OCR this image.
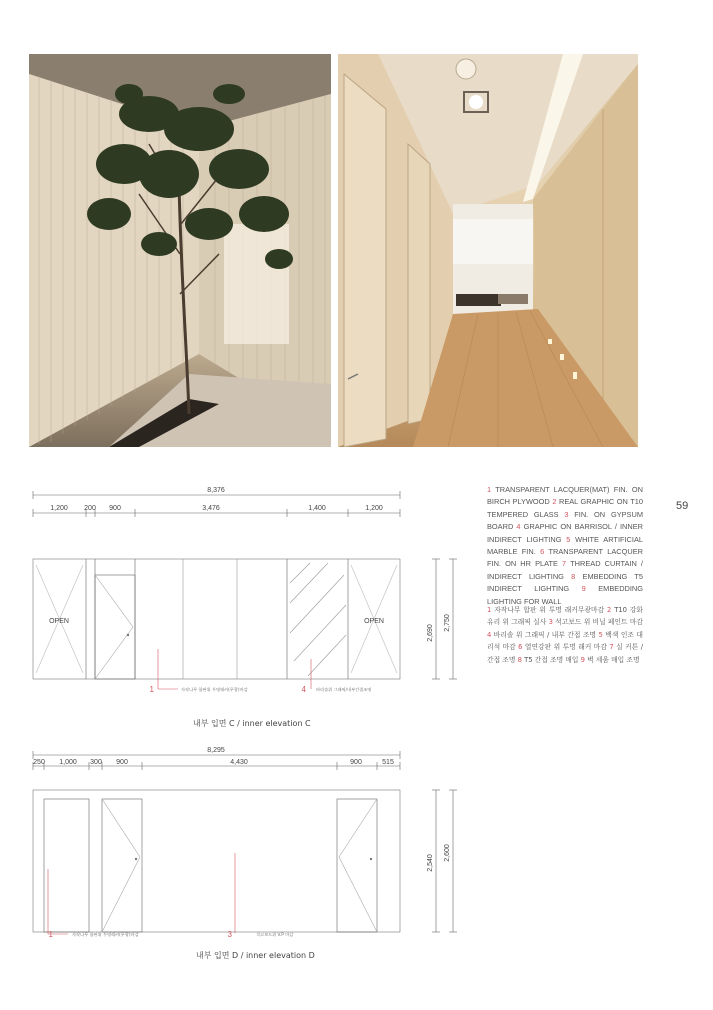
59
1 TRANSPARENT LACQUER(MAT) FIN. ON BIRCH PLYWOOD 2 REAL GRAPHIC ON T10 TEMPERED GLASS 3 FIN. ON GYPSUM BOARD 4 GRAPHIC ON BARRISOL / INNER INDIRECT LIGHTING 5 WHITE ARTIFICIAL MARBLE FIN. 6 TRANSPARENT LACQUER FIN. ON HR PLATE 7 THREAD CURTAIN / INDIRECT LIGHTING 8 EMBEDDING T5 INDIRECT LIGHTING 9 EMBEDDING LIGHTING FOR WALL
1 자작나무 합판 위 투명 래커무광마감 2 T10 강화 유리 위 그래픽 실사 3 석고보드 위 비닐 페인트 마감 4 바리솔 위 그래픽 / 내부 간접 조명 5 백색 인조 대리석 마감 6 열연강판 위 투명 래커 마감 7 실 커튼 / 간접 조명 8 T5 간접 조명 매입 9 벽 세움 매입 조명
8,376
1,200 200 900	3,476	1,400	1,200
OPEN	OPEN
2,690
2,750
1	자작나무 합판위 투명래커(무광)마감	4 바리솔위 그래픽/내부간접조명
내부 입면 C / inner elevation C
8,295
250 1,000 300 900	4,430	900	515
2,540
2,600
1	자작나무 합판위 투명래커(무광)마감	3	석고보드위 V.P 마감
내부 입면 D / inner elevation D
